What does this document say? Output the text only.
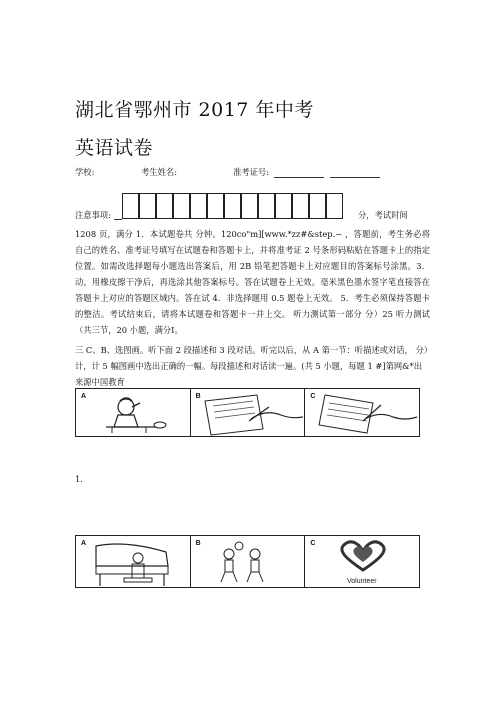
湖北省鄂州市 2017 年中考
英语试卷
学校:	考生姓名:	准考证号:
注意事项:	分，考试时间
1208 页，满分 1．本试题卷共 分钟。120co"m][www.*zz#&step.~ ，答题前，考生务必将自己的姓名、准考证号填写在试题卷和答题卡上，并将准考证 2 号条形码粘贴在答题卡上的指定位置。如需改选择题每小题选出答案后，用 2B 铅笔把答题卡上对应题目的答案标号涂黑。3．动，用橡皮擦干净后，再选涂其他答案标号。答在试题卷上无效。毫米黑色墨水签字笔直接答在答题卡上对应的答题区域内。答在试 4．非选择题用 0.5 题卷上无效。 5．考生必须保持答题卡的整洁。考试结束后，请将本试题卷和答题卡一并上交。 听力测试第一部分 分）25 听力测试（共三节，20 小题，满分Ⅰ。
三 C、B、选图画。听下面 2 段描述和 3 段对话。听完以后，从 A 第一节：听描述或对话， 分）计，计 5 幅图画中选出正确的一幅。每段描述和对话读一遍。(共 5 小题，每题 1 #]第网&*出来源中国教育
A	B	C
1.
A	B	C
Volunteer
